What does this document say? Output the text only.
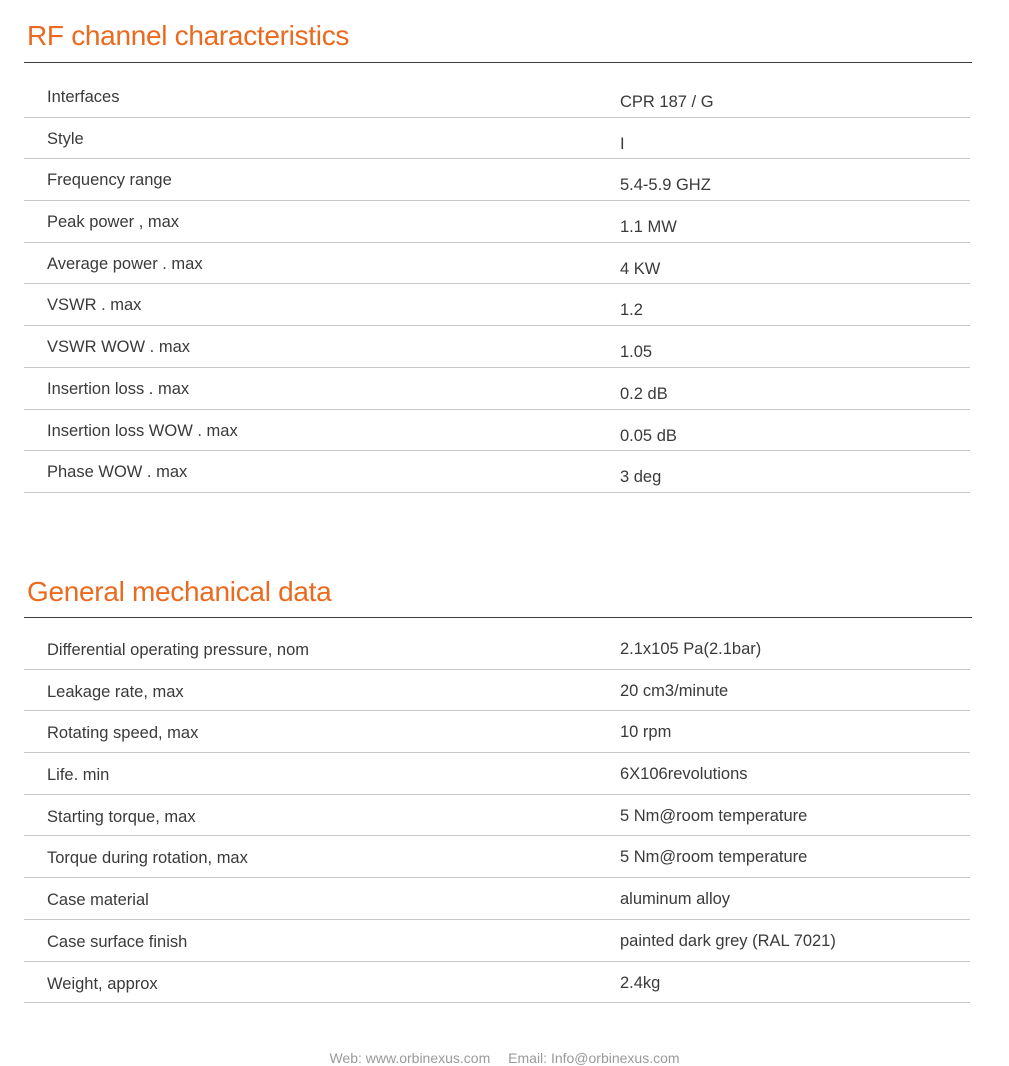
RF channel characteristics
Interfaces	CPR 187 / G
Style	I
Frequency range	5.4-5.9 GHZ
Peak power , max	1.1 MW
Average power . max	4 KW
VSWR . max	1.2
VSWR WOW . max	1.05
Insertion loss . max	0.2 dB
Insertion loss WOW . max	0.05 dB
Phase WOW . max	3 deg
General mechanical data
Differential operating pressure, nom	2.1x105 Pa(2.1bar)
Leakage rate, max	20 cm3/minute
Rotating speed, max	10 rpm
Life. min	6X106revolutions
Starting torque, max	5 Nm@room temperature
Torque during rotation, max	5 Nm@room temperature
Case material	aluminum alloy
Case surface finish	painted dark grey (RAL 7021)
Weight, approx	2.4kg
Web: www.orbinexus.com Email: Info@orbinexus.com
